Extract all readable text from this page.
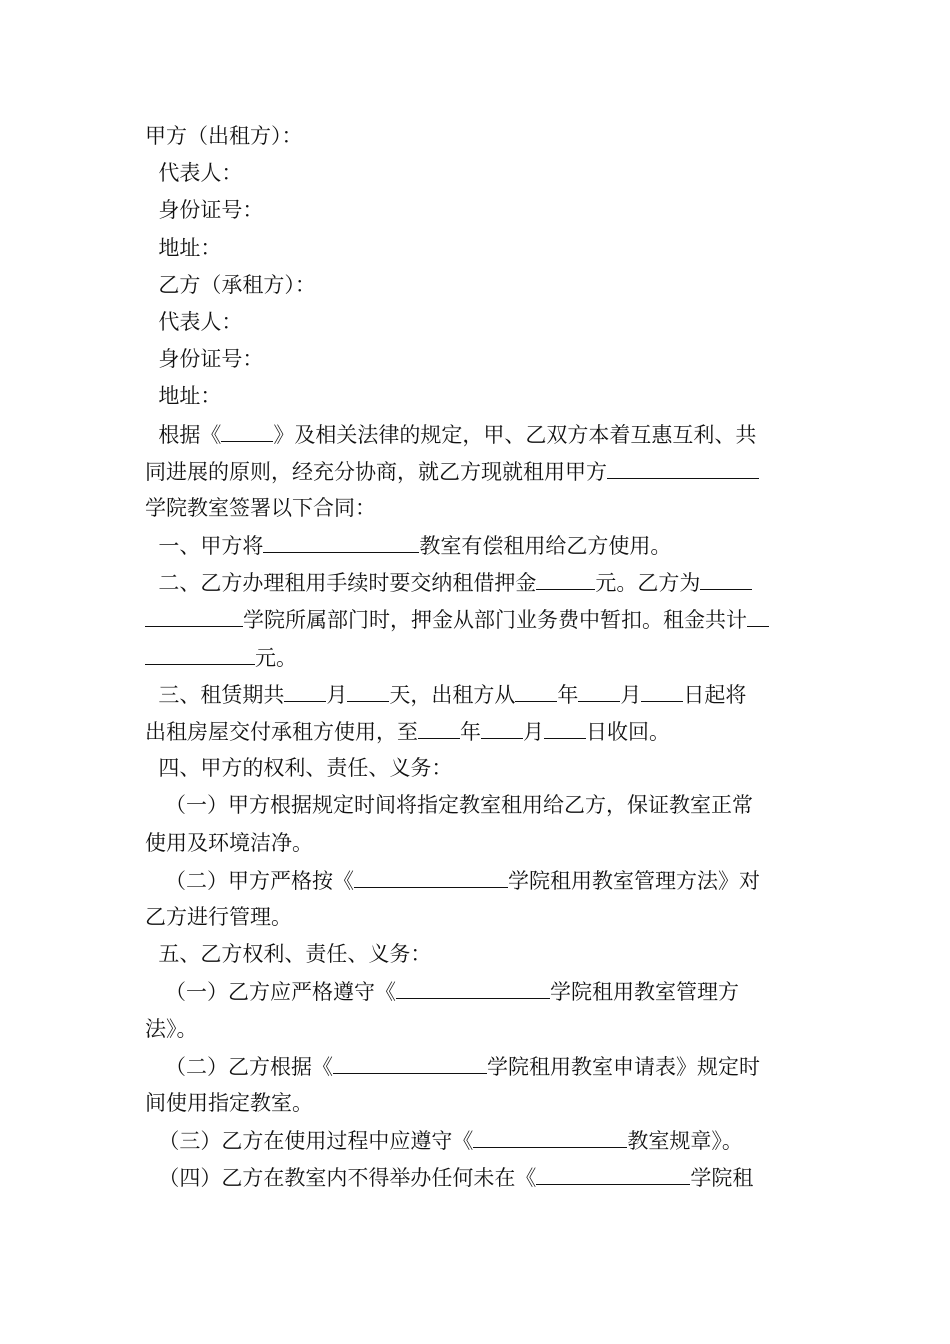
甲方（出租方）：
代表人：
身份证号：
地址：
乙方（承租方）：
代表人：
身份证号：
地址：
根据《 》及相关法律的规定，甲、乙双方本着互惠互利、共
同进展的原则，经充分协商，就乙方现就租用甲方
学院教室签署以下合同：
一、甲方将	教室有偿租用给乙方使用。
二、乙方办理租用手续时要交纳租借押金	元。乙方为
学院所属部门时，押金从部门业务费中暂扣。租金共计
元。
三、租赁期共 月 天，出租方从 年 月 日起将
出租房屋交付承租方使用，至 年 月 日收回。
四、甲方的权利、责任、义务：
（一）甲方根据规定时间将指定教室租用给乙方，保证教室正常
使用及环境洁净。
（二）甲方严格按《	学院租用教室管理方法》对
乙方进行管理。
五、乙方权利、责任、义务：
（一）乙方应严格遵守《	学院租用教室管理方
法》。
（二）乙方根据《	学院租用教室申请表》规定时
间使用指定教室。
（三）乙方在使用过程中应遵守《	教室规章》。
（四）乙方在教室内不得举办任何未在《	学院租
